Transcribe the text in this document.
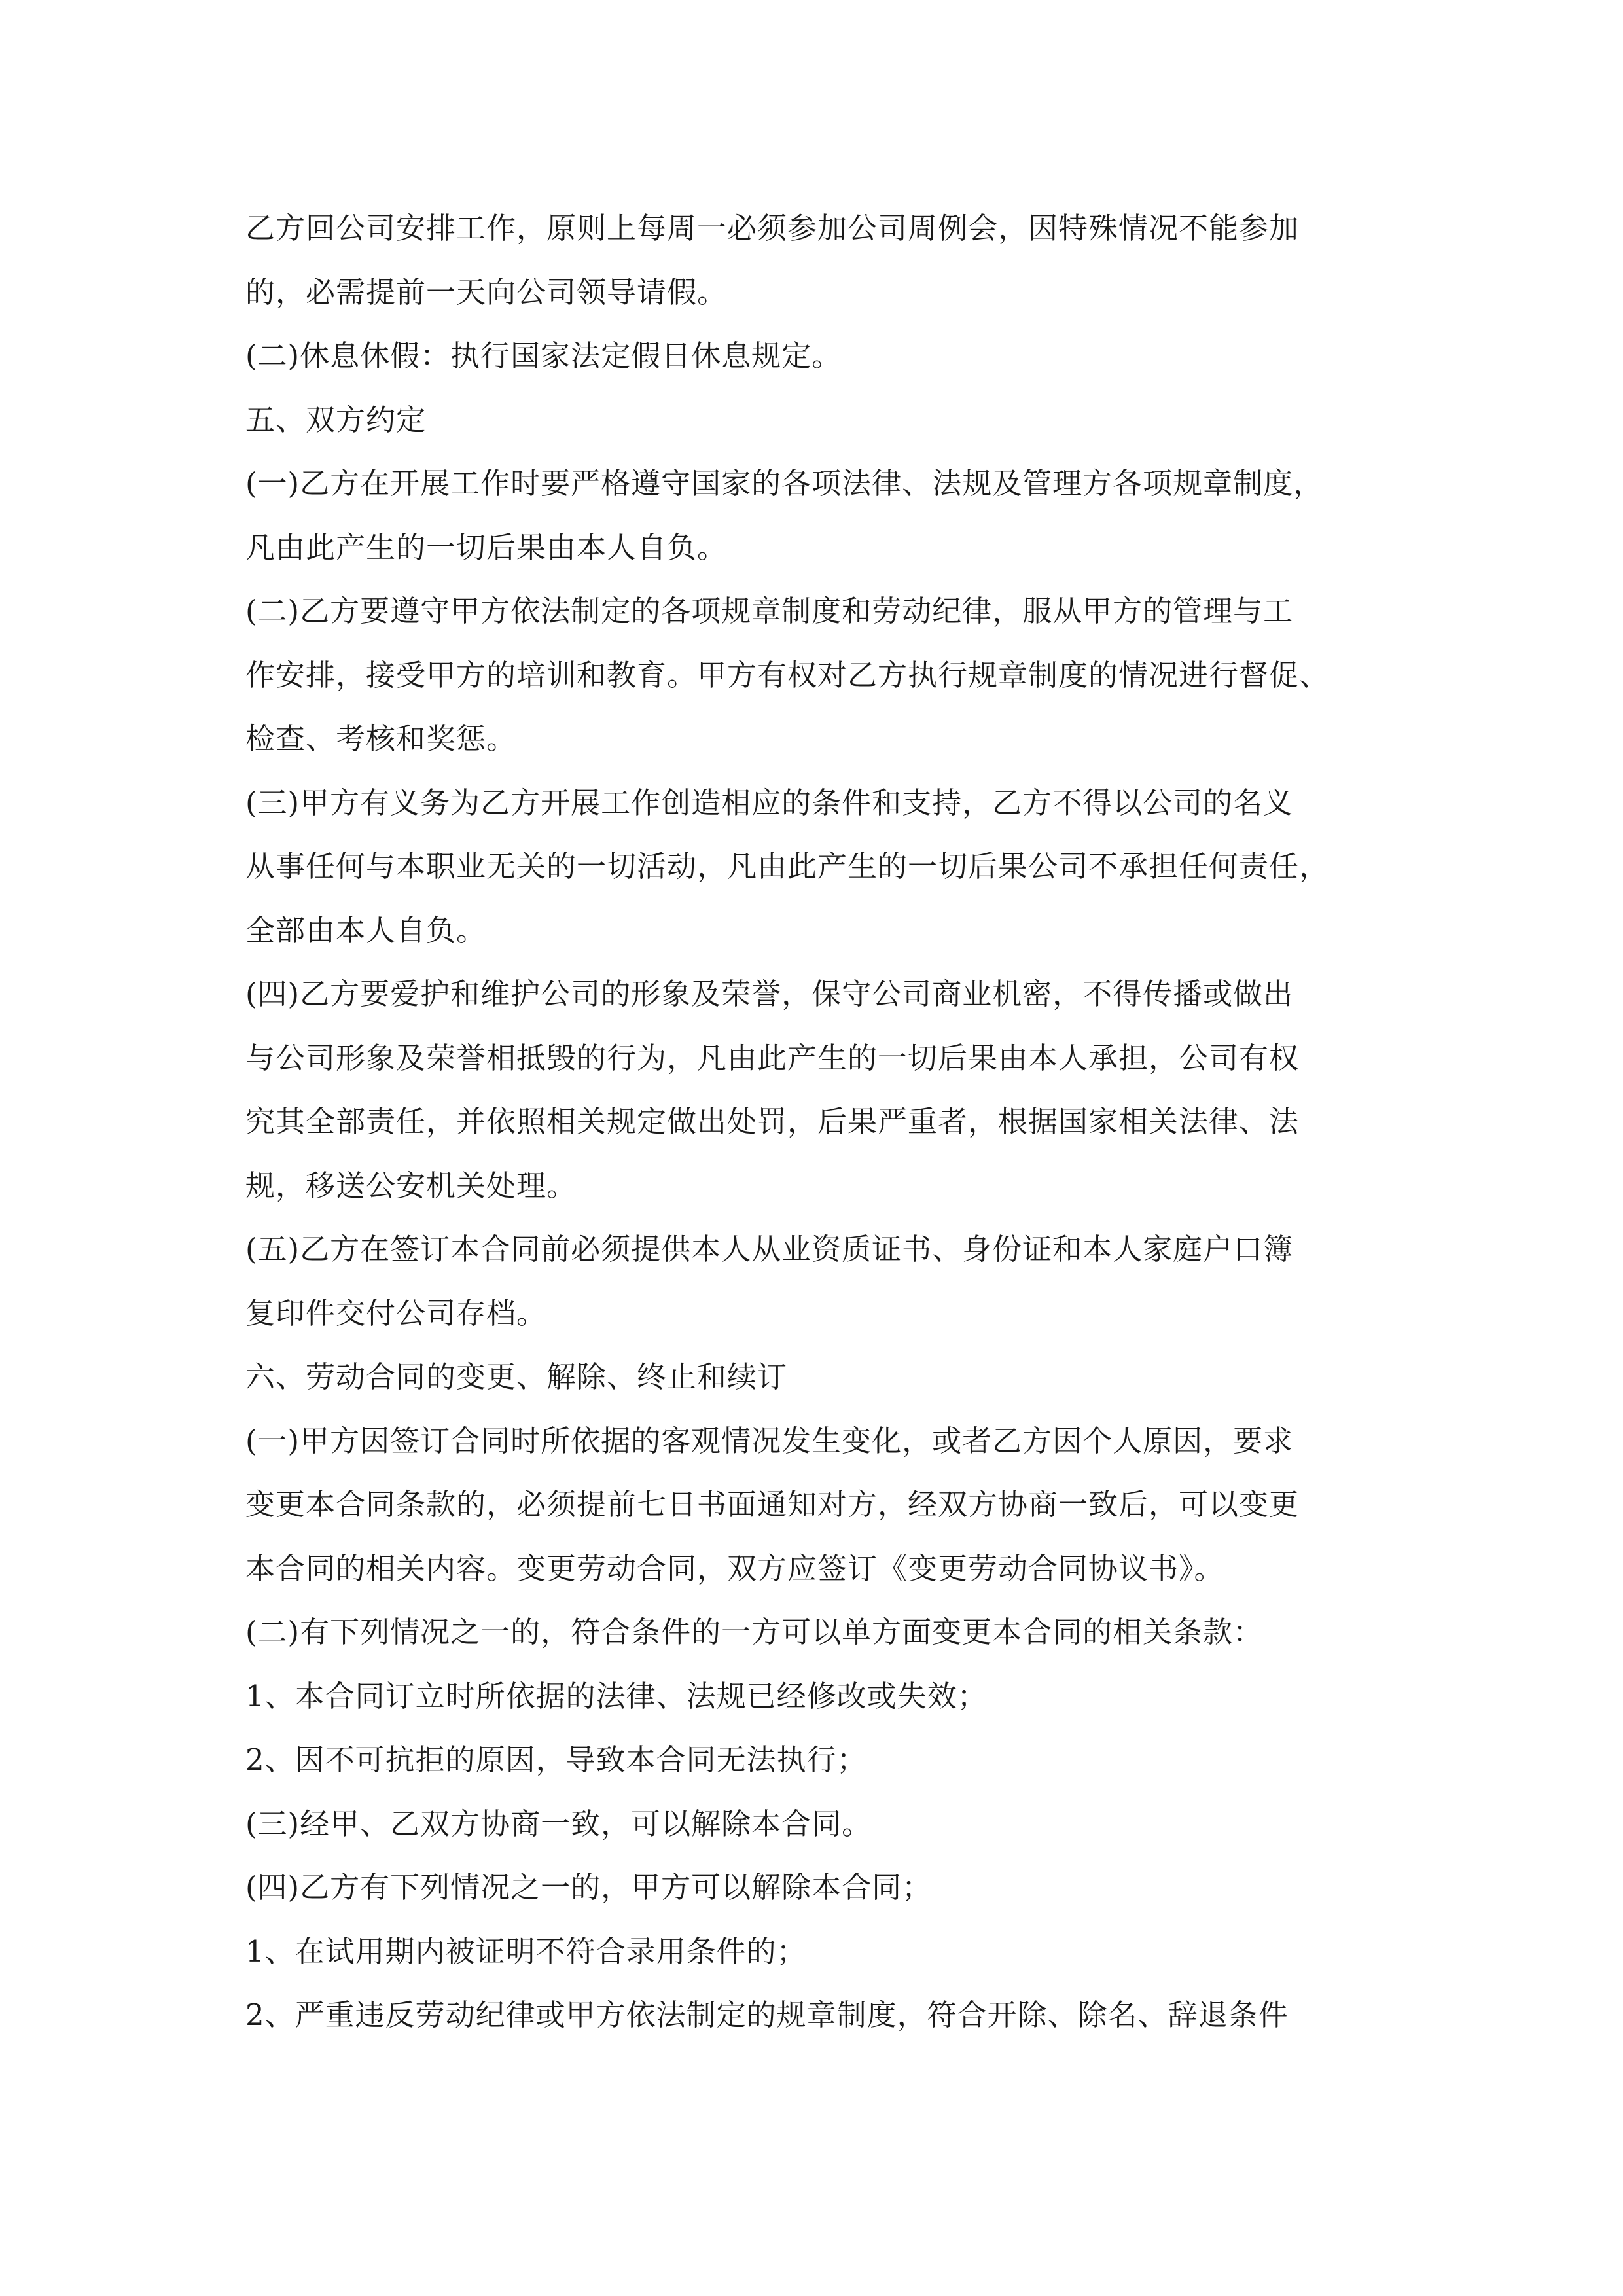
乙方回公司安排工作，原则上每周一必须参加公司周例会，因特殊情况不能参加
的，必需提前一天向公司领导请假。
(二)休息休假：执行国家法定假日休息规定。
五、双方约定
(一)乙方在开展工作时要严格遵守国家的各项法律、法规及管理方各项规章制度，
凡由此产生的一切后果由本人自负。
(二)乙方要遵守甲方依法制定的各项规章制度和劳动纪律，服从甲方的管理与工
作安排，接受甲方的培训和教育。甲方有权对乙方执行规章制度的情况进行督促、
检查、考核和奖惩。
(三)甲方有义务为乙方开展工作创造相应的条件和支持，乙方不得以公司的名义
从事任何与本职业无关的一切活动，凡由此产生的一切后果公司不承担任何责任，
全部由本人自负。
(四)乙方要爱护和维护公司的形象及荣誉，保守公司商业机密，不得传播或做出
与公司形象及荣誉相抵毁的行为，凡由此产生的一切后果由本人承担，公司有权
究其全部责任，并依照相关规定做出处罚，后果严重者，根据国家相关法律、法
规，移送公安机关处理。
(五)乙方在签订本合同前必须提供本人从业资质证书、身份证和本人家庭户口簿
复印件交付公司存档。
六、劳动合同的变更、解除、终止和续订
(一)甲方因签订合同时所依据的客观情况发生变化，或者乙方因个人原因，要求
变更本合同条款的，必须提前七日书面通知对方，经双方协商一致后，可以变更
本合同的相关内容。变更劳动合同，双方应签订《变更劳动合同协议书》。
(二)有下列情况之一的，符合条件的一方可以单方面变更本合同的相关条款：
1、本合同订立时所依据的法律、法规已经修改或失效；
2、因不可抗拒的原因，导致本合同无法执行；
(三)经甲、乙双方协商一致，可以解除本合同。
(四)乙方有下列情况之一的，甲方可以解除本合同；
1、在试用期内被证明不符合录用条件的；
2、严重违反劳动纪律或甲方依法制定的规章制度，符合开除、除名、辞退条件
